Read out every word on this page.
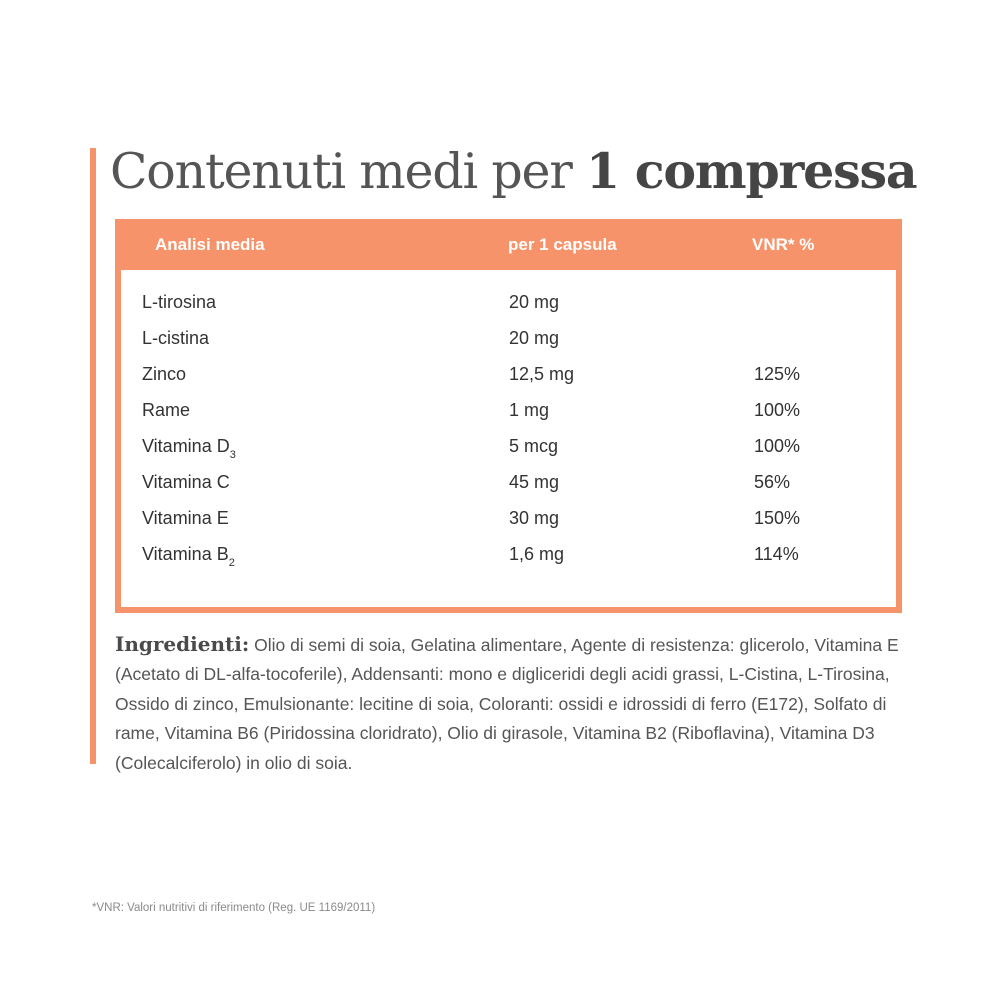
Contenuti medi per 1 compressa
Analisi media	per 1 capsula	VNR* %
L-tirosina	20 mg
L-cistina	20 mg
Zinco	12,5 mg	125%
Rame	1 mg	100%
Vitamina $D_3$	5 mcg	100%
Vitamina C	45 mg	56%
Vitamina E	30 mg	150%
Vitamina $B_2$	1,6 mg	114%

Ingredienti: Olio di semi di soia, Gelatina alimentare, Agente di resistenza: glicerolo, Vitamina E (Acetato di DL-alfa-tocoferile), Addensanti: mono e digliceridi degli acidi grassi, L-Cistina, L-Tirosina, Ossido di zinco, Emulsionante: lecitine di soia, Coloranti: ossidi e idrossidi di ferro (E172), Solfato di rame, Vitamina B6 (Piridossina cloridrato), Olio di girasole, Vitamina B2 (Riboflavina), Vitamina D3 (Colecalciferolo) in olio di soia.

*VNR: Valori nutritivi di riferimento (Reg. UE 1169/2011)
